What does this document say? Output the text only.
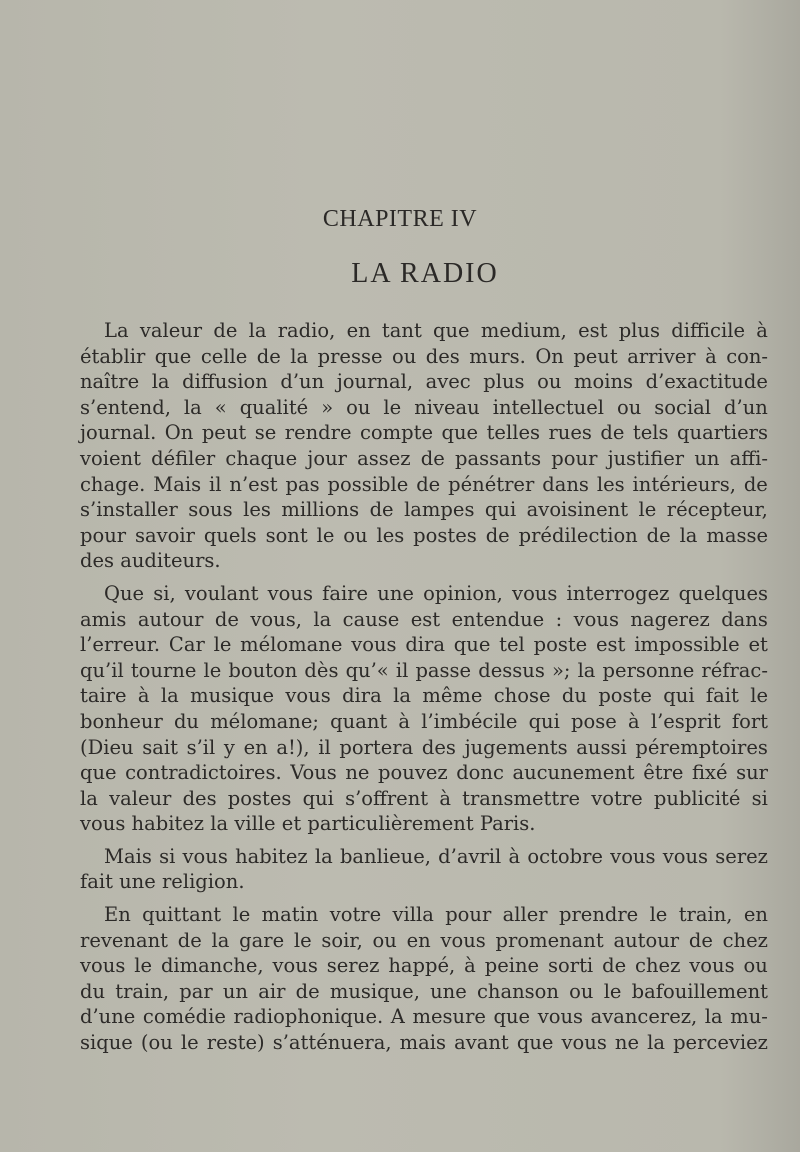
CHAPITRE IV
LA RADIO
La valeur de la radio, en tant que medium, est plus difficile à
établir que celle de la presse ou des murs. On peut arriver à con-
naître la diffusion d’un journal, avec plus ou moins d’exactitude
s’entend, la « qualité » ou le niveau intellectuel ou social d’un
journal. On peut se rendre compte que telles rues de tels quartiers
voient défiler chaque jour assez de passants pour justifier un affi-
chage. Mais il n’est pas possible de pénétrer dans les intérieurs, de
s’installer sous les millions de lampes qui avoisinent le récepteur,
pour savoir quels sont le ou les postes de prédilection de la masse
des auditeurs.
Que si, voulant vous faire une opinion, vous interrogez quelques
amis autour de vous, la cause est entendue : vous nagerez dans
l’erreur. Car le mélomane vous dira que tel poste est impossible et
qu’il tourne le bouton dès qu’« il passe dessus »; la personne réfrac-
taire à la musique vous dira la même chose du poste qui fait le
bonheur du mélomane; quant à l’imbécile qui pose à l’esprit fort
(Dieu sait s’il y en a!), il portera des jugements aussi péremptoires
que contradictoires. Vous ne pouvez donc aucunement être fixé sur
la valeur des postes qui s’offrent à transmettre votre publicité si
vous habitez la ville et particulièrement Paris.
Mais si vous habitez la banlieue, d’avril à octobre vous vous serez
fait une religion.
En quittant le matin votre villa pour aller prendre le train, en
revenant de la gare le soir, ou en vous promenant autour de chez
vous le dimanche, vous serez happé, à peine sorti de chez vous ou
du train, par un air de musique, une chanson ou le bafouillement
d’une comédie radiophonique. A mesure que vous avancerez, la mu-
sique (ou le reste) s’atténuera, mais avant que vous ne la perceviez
